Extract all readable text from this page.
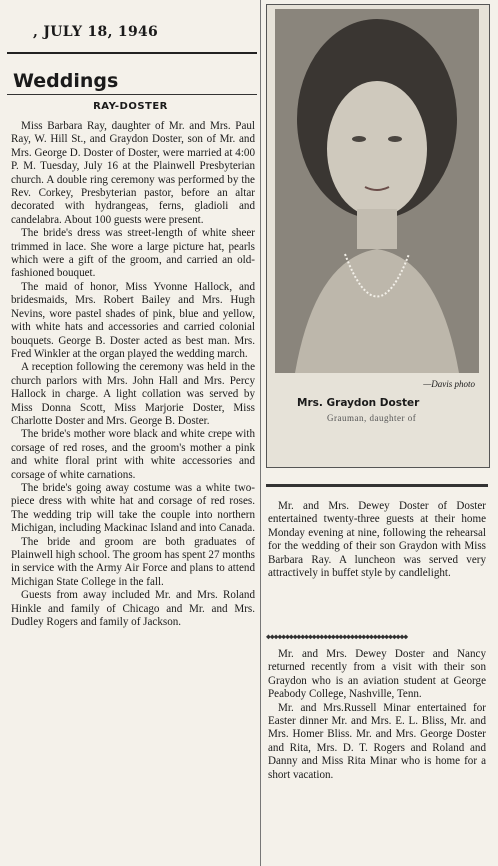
, JULY 18, 1946
Weddings
RAY-DOSTER

Miss Barbara Ray, daughter of Mr. and Mrs. Paul Ray, W. Hill St., and Graydon Doster, son of Mr. and Mrs. George D. Doster of Doster, were married at 4:00 P. M. Tuesday, July 16 at the Plainwell Presbyterian church. A double ring ceremony was performed by the Rev. Corkey, Presbyterian pastor, before an altar decorated with hydrangeas, ferns, gladioli and candelabra. About 100 guests were present.

The bride's dress was street-length of white sheer trimmed in lace. She wore a large picture hat, pearls which were a gift of the groom, and carried an old-fashioned bouquet.

The maid of honor, Miss Yvonne Hallock, and bridesmaids, Mrs. Robert Bailey and Mrs. Hugh Nevins, wore pastel shades of pink, blue and yellow, with white hats and accessories and carried colonial bouquets. George B. Doster acted as best man. Mrs. Fred Winkler at the organ played the wedding march.

A reception following the ceremony was held in the church parlors with Mrs. John Hall and Mrs. Percy Hallock in charge. A light collation was served by Miss Donna Scott, Miss Marjorie Doster, Miss Charlotte Doster and Mrs. George B. Doster.

The bride's mother wore black and white crepe with corsage of red roses, and the groom's mother a pink and white floral print with white accessories and corsage of white carnations.

The bride's going away costume was a white two-piece dress with white hat and corsage of red roses. The wedding trip will take the couple into northern Michigan, including Mackinac Island and into Canada.

The bride and groom are both graduates of Plainwell high school. The groom has spent 27 months in service with the Army Air Force and plans to attend Michigan State College in the fall.

Guests from away included Mr. and Mrs. Roland Hinkle and family of Chicago and Mr. and Mrs. Dudley Rogers and family of Jackson.

—Davis photo
Mrs. Graydon Doster
Grauman, daughter of

Mr. and Mrs. Dewey Doster of Doster entertained twenty-three guests at their home Monday evening at nine, following the rehearsal for the wedding of their son Graydon with Miss Barbara Ray. A luncheon was served very attractively in buffet style by candlelight.

◆◆◆◆◆◆◆◆◆◆◆◆◆◆◆◆◆◆◆◆◆◆◆◆◆◆◆◆◆◆◆◆◆◆◆◆◆

Mr. and Mrs. Dewey Doster and Nancy returned recently from a visit with their son Graydon who is an aviation student at George Peabody College, Nashville, Tenn.

Mr. and Mrs.Russell Minar entertained for Easter dinner Mr. and Mrs. E. L. Bliss, Mr. and Mrs. Homer Bliss. Mr. and Mrs. George Doster and Rita, Mrs. D. T. Rogers and Roland and Danny and Miss Rita Minar who is home for a short vacation.
